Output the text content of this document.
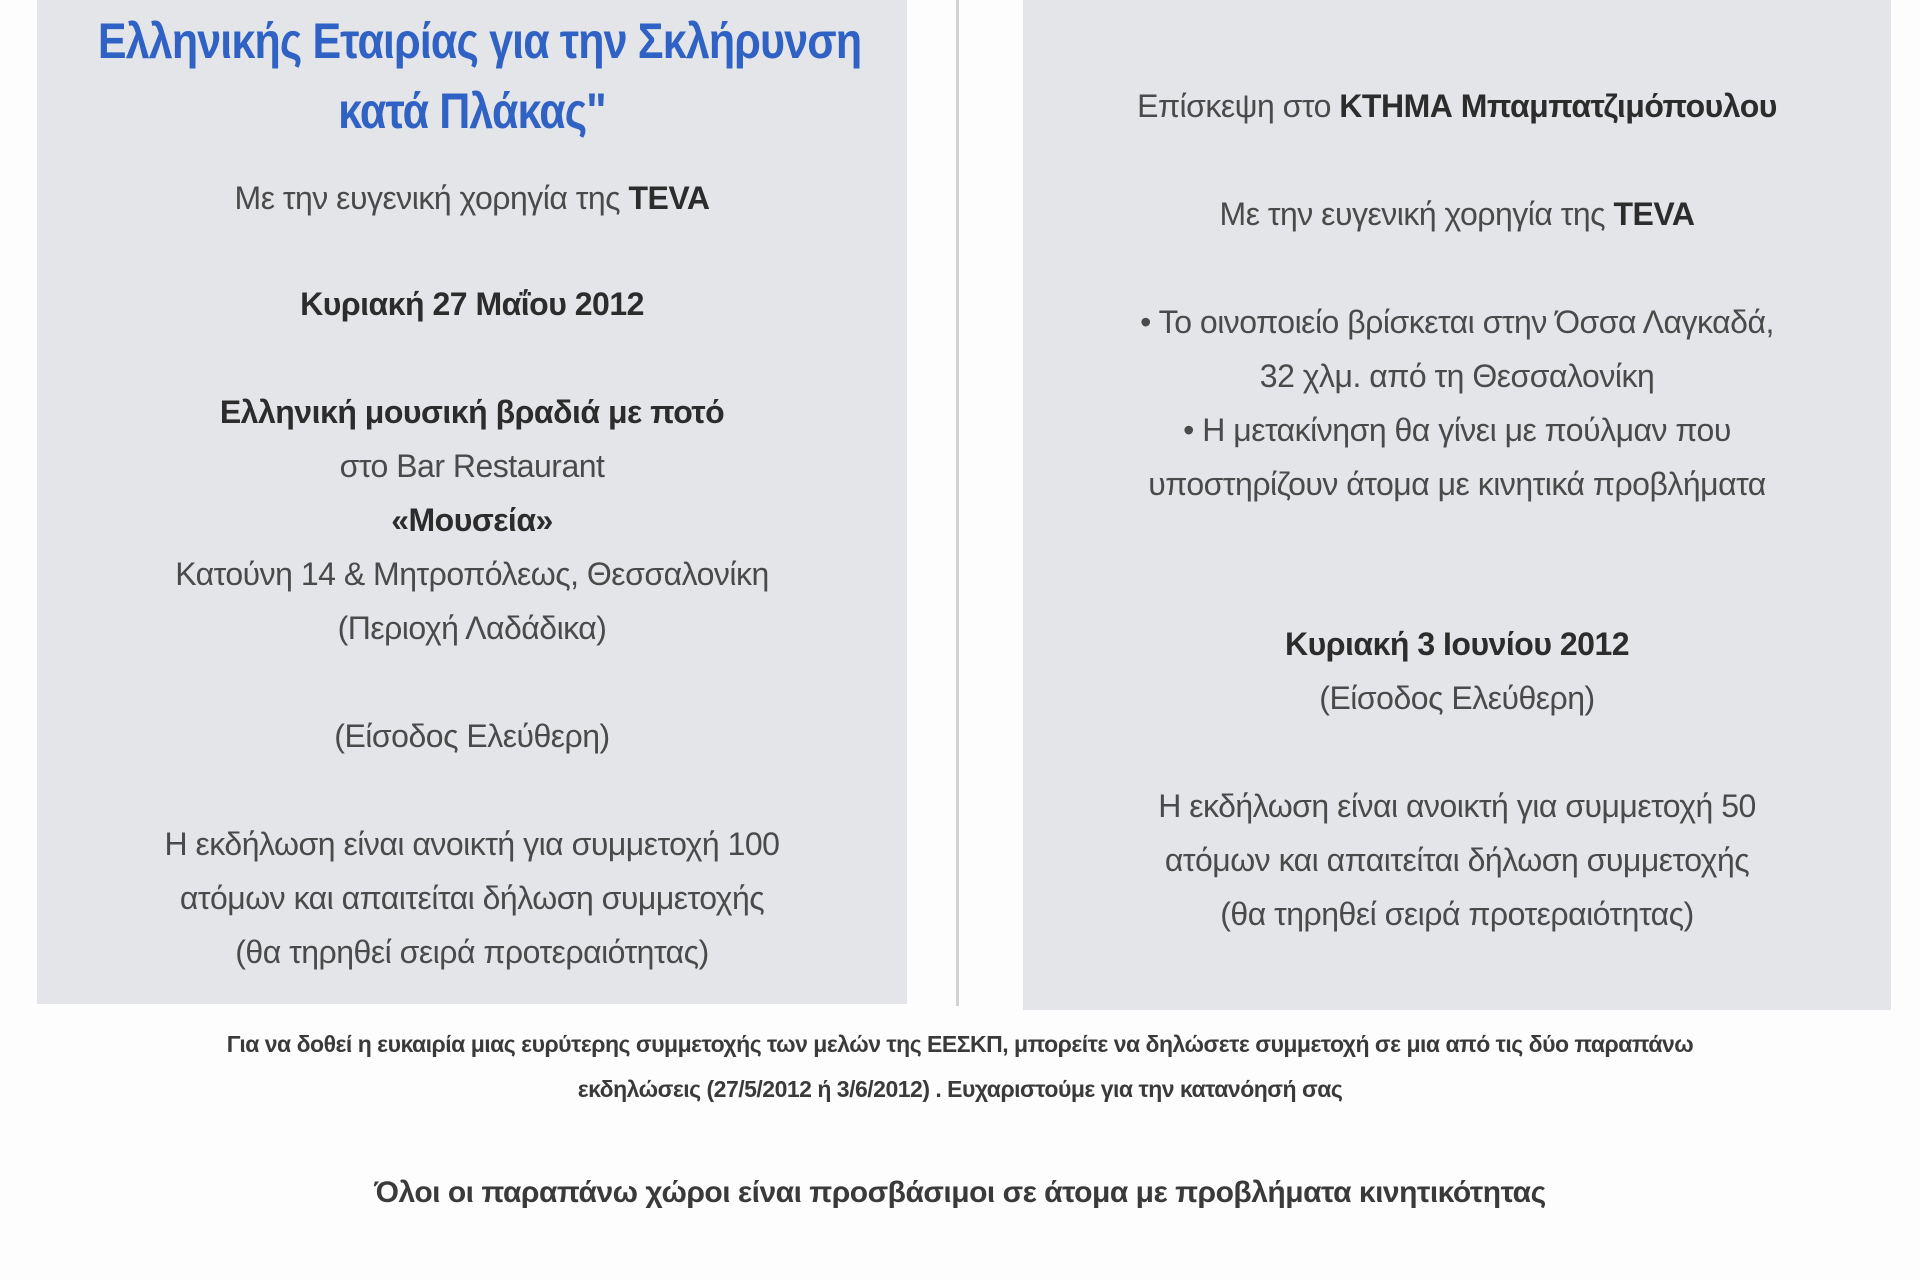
Ελληνικής Εταιρίας για την Σκλήρυνση
κατά Πλάκας"
Με την ευγενική χορηγία της TEVA
Κυριακή 27 Μαΐου 2012
Ελληνική μουσική βραδιά με ποτό
στο Bar Restaurant
«Μουσεία»
Κατούνη 14 & Μητροπόλεως, Θεσσαλονίκη
(Περιοχή Λαδάδικα)
(Είσοδος Ελεύθερη)
Η εκδήλωση είναι ανοικτή για συμμετοχή 100
ατόμων και απαιτείται δήλωση συμμετοχής
(θα τηρηθεί σειρά προτεραιότητας)

Επίσκεψη στο ΚΤΗΜΑ Μπαμπατζιμόπουλου
Με την ευγενική χορηγία της TEVA
• Το οινοποιείο βρίσκεται στην Όσσα Λαγκαδά,
32 χλμ. από τη Θεσσαλονίκη
• Η μετακίνηση θα γίνει με πούλμαν που
υποστηρίζουν άτομα με κινητικά προβλήματα
Κυριακή 3 Ιουνίου 2012
(Είσοδος Ελεύθερη)
Η εκδήλωση είναι ανοικτή για συμμετοχή 50
ατόμων και απαιτείται δήλωση συμμετοχής
(θα τηρηθεί σειρά προτεραιότητας)
Για να δοθεί η ευκαιρία μιας ευρύτερης συμμετοχής των μελών της ΕΕΣΚΠ, μπορείτε να δηλώσετε συμμετοχή σε μια από τις δύο παραπάνω
εκδηλώσεις (27/5/2012 ή 3/6/2012) . Ευχαριστούμε για την κατανόησή σας
Όλοι οι παραπάνω χώροι είναι προσβάσιμοι σε άτομα με προβλήματα κινητικότητας
